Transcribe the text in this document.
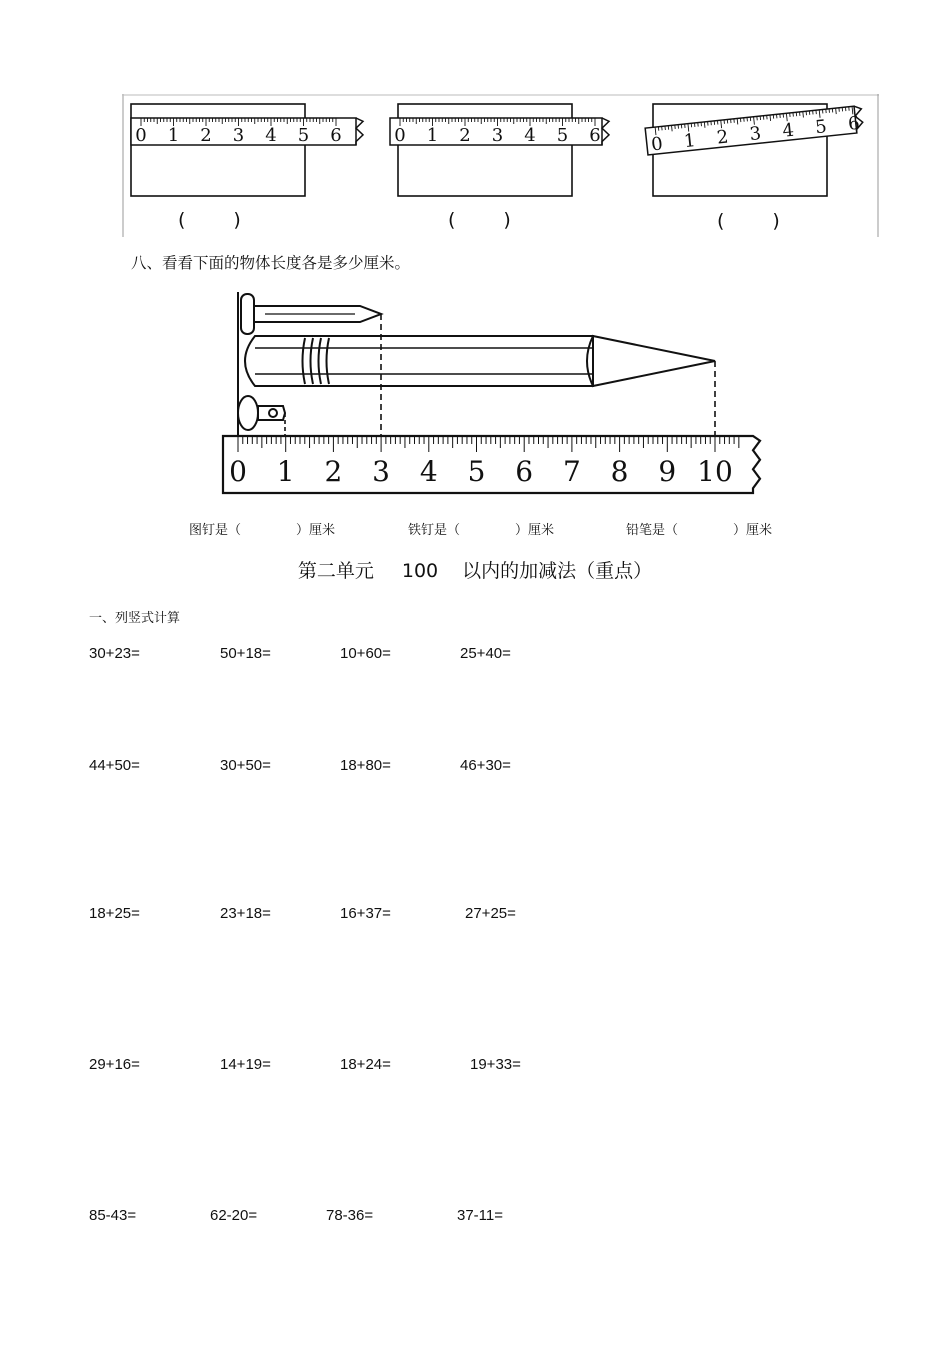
0 1 2 3 4 5 6	0 1 2 3 4 5 6	0 1 2 3 4 5 6
(	)	(	)	(	)
八、看看下面的物体长度各是多少厘米。
0 1 2 3 4 5 6 7 8 9 10
图钉是（	）厘米	铁钉是（	）厘米	铅笔是（	）厘米
第二单元 100 以内的加减法（重点）
一、列竖式计算
30+23=	50+18=	10+60=	25+40=
44+50=	30+50=	18+80=	46+30=
18+25=	23+18=	16+37=	27+25=
29+16=	14+19=	18+24=	19+33=
85-43=	62-20=	78-36=	37-11=
